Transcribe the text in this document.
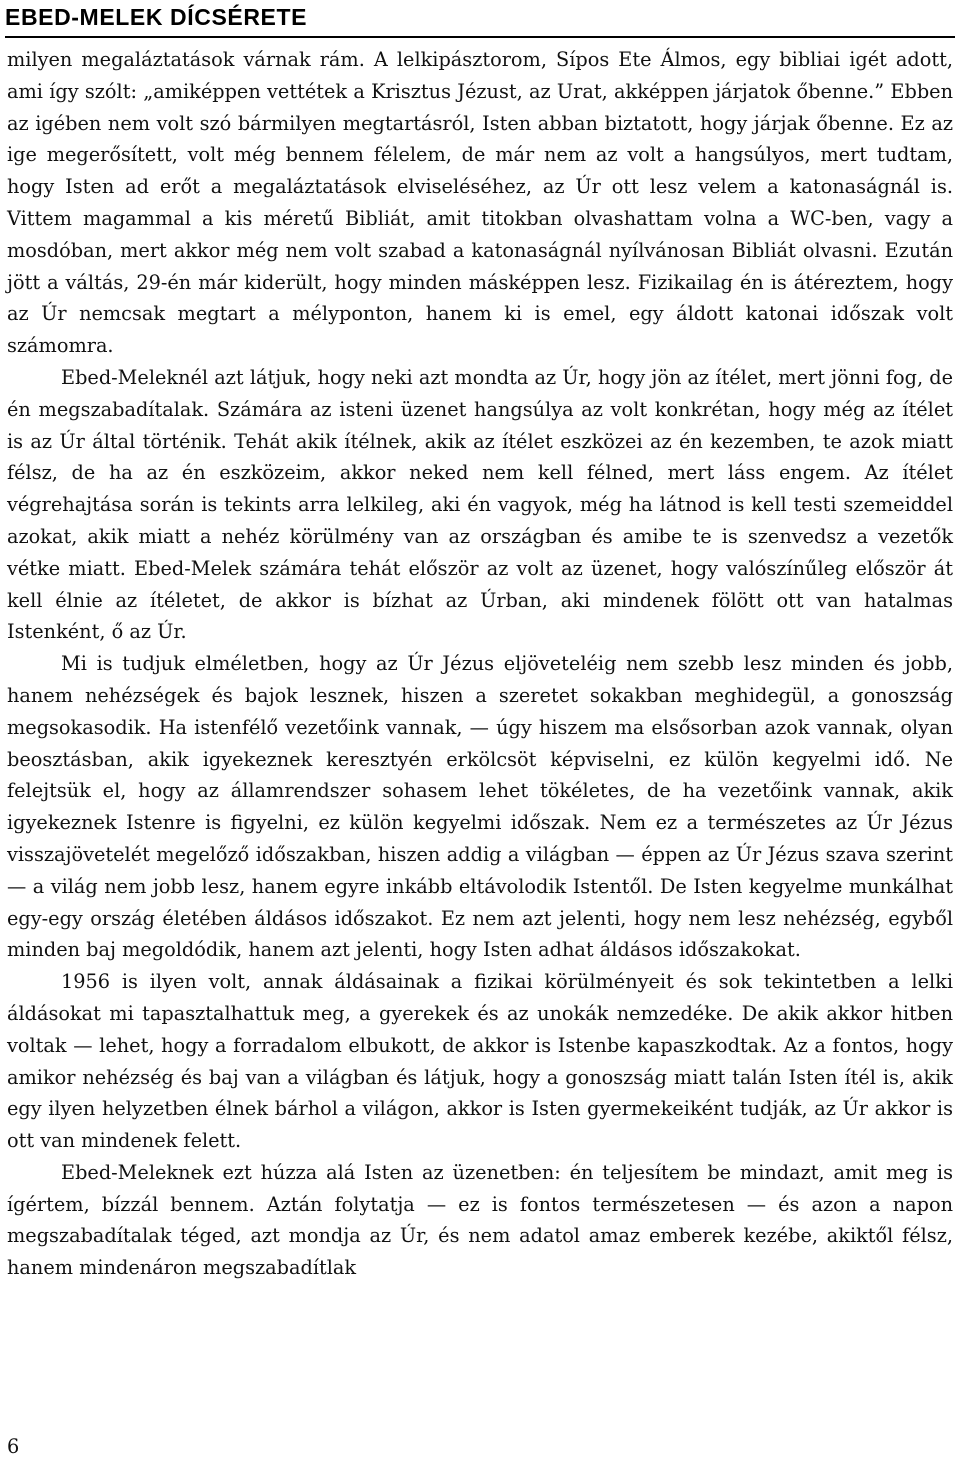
EBED-MELEK DÍCSÉRETE

milyen megaláztatások várnak rám. A lelkipásztorom, Sípos Ete Álmos, egy bibliai igét adott, ami így szólt: „amiképpen vettétek a Krisztus Jézust, az Urat, akképpen járjatok őbenne.” Ebben az igében nem volt szó bármilyen megtartásról, Isten abban biztatott, hogy járjak őbenne. Ez az ige megerősített, volt még bennem félelem, de már nem az volt a hangsúlyos, mert tudtam, hogy Isten ad erőt a megaláztatások elviseléséhez, az Úr ott lesz velem a katonaságnál is. Vittem magammal a kis méretű Bibliát, amit titokban olvashattam volna a WC-ben, vagy a mosdóban, mert akkor még nem volt szabad a katonaságnál nyílvánosan Bibliát olvasni. Ezután jött a váltás, 29-én már kiderült, hogy minden másképpen lesz. Fizikailag én is átéreztem, hogy az Úr nemcsak megtart a mélyponton, hanem ki is emel, egy áldott katonai időszak volt számomra.

Ebed-Meleknél azt látjuk, hogy neki azt mondta az Úr, hogy jön az ítélet, mert jönni fog, de én megszabadítalak. Számára az isteni üzenet hangsúlya az volt konkrétan, hogy még az ítélet is az Úr által történik. Tehát akik ítélnek, akik az ítélet eszközei az én kezemben, te azok miatt félsz, de ha az én eszközeim, akkor neked nem kell félned, mert láss engem. Az ítélet végrehajtása során is tekints arra lelkileg, aki én vagyok, még ha látnod is kell testi szemeiddel azokat, akik miatt a nehéz körülmény van az országban és amibe te is szenvedsz a vezetők vétke miatt. Ebed-Melek számára tehát először az volt az üzenet, hogy valószínűleg először át kell élnie az ítéletet, de akkor is bízhat az Úrban, aki mindenek fölött ott van hatalmas Istenként, ő az Úr.

Mi is tudjuk elméletben, hogy az Úr Jézus eljöveteléig nem szebb lesz minden és jobb, hanem nehézségek és bajok lesznek, hiszen a szeretet sokakban meghidegül, a gonoszság megsokasodik. Ha istenfélő vezetőink vannak, — úgy hiszem ma elsősorban azok vannak, olyan beosztásban, akik igyekeznek keresztyén erkölcsöt képviselni, ez külön kegyelmi idő. Ne felejtsük el, hogy az államrendszer sohasem lehet tökéletes, de ha vezetőink vannak, akik igyekeznek Istenre is figyelni, ez külön kegyelmi időszak. Nem ez a természetes az Úr Jézus visszajövetelét megelőző időszakban, hiszen addig a világban — éppen az Úr Jézus szava szerint — a világ nem jobb lesz, hanem egyre inkább eltávolodik Istentől. De Isten kegyelme munkálhat egy-egy ország életében áldásos időszakot. Ez nem azt jelenti, hogy nem lesz nehézség, egyből minden baj megoldódik, hanem azt jelenti, hogy Isten adhat áldásos időszakokat.

1956 is ilyen volt, annak áldásainak a fizikai körülményeit és sok tekintetben a lelki áldásokat mi tapasztalhattuk meg, a gyerekek és az unokák nemzedéke. De akik akkor hitben voltak — lehet, hogy a forradalom elbukott, de akkor is Istenbe kapaszkodtak. Az a fontos, hogy amikor nehézség és baj van a világban és látjuk, hogy a gonoszság miatt talán Isten ítél is, akik egy ilyen helyzetben élnek bárhol a világon, akkor is Isten gyermekeiként tudják, az Úr akkor is ott van mindenek felett.

Ebed-Meleknek ezt húzza alá Isten az üzenetben: én teljesítem be mindazt, amit meg is ígértem, bízzál bennem. Aztán folytatja — ez is fontos természetesen — és azon a napon megszabadítalak téged, azt mondja az Úr, és nem adatol amaz emberek kezébe, akiktől félsz, hanem mindenáron megszabadítlak

6
